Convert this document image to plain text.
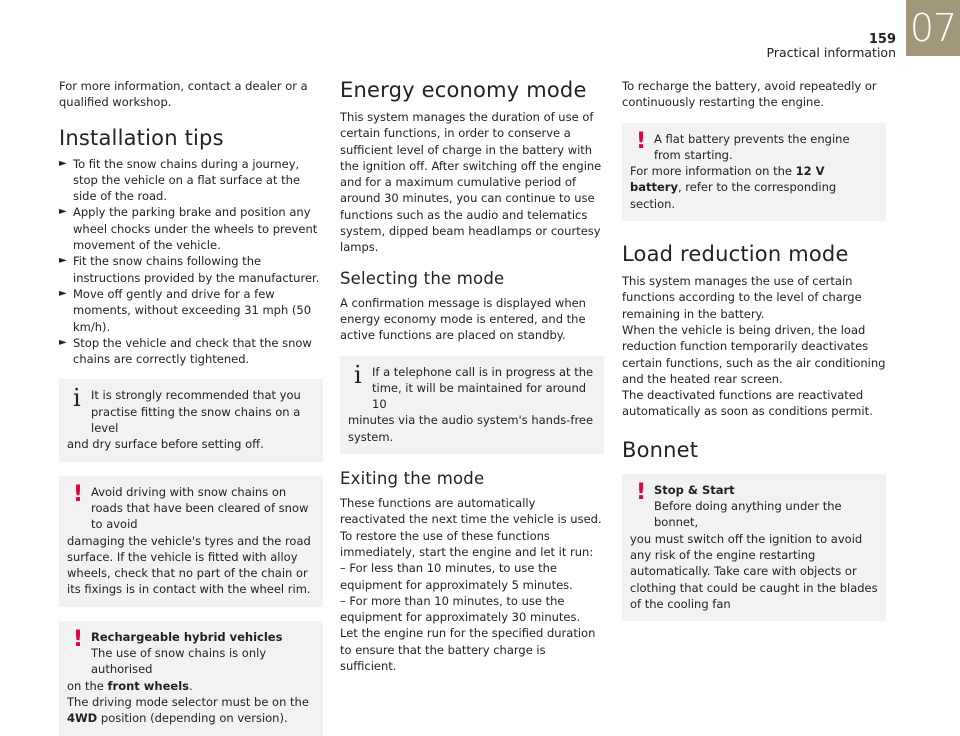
159
Practical information
07

For more information, contact a dealer or a qualified workshop.

Installation tips
► To fit the snow chains during a journey, stop the vehicle on a flat surface at the side of the road.

► Apply the parking brake and position any wheel chocks under the wheels to prevent movement of the vehicle.

► Fit the snow chains following the instructions provided by the manufacturer.

► Move off gently and drive for a few moments, without exceeding 31 mph (50 km/h).

► Stop the vehicle and check that the snow chains are correctly tightened.

i It is strongly recommended that you practise fitting the snow chains on a level

and dry surface before setting off.

! Avoid driving with snow chains on roads that have been cleared of snow to avoid

damaging the vehicle's tyres and the road surface. If the vehicle is fitted with alloy wheels, check that no part of the chain or its fixings is in contact with the wheel rim.

! Rechargeable hybrid vehicles

The use of snow chains is only authorised

on the front wheels.

The driving mode selector must be on the 4WD position (depending on version).

Energy economy mode

This system manages the duration of use of certain functions, in order to conserve a sufficient level of charge in the battery with the ignition off. After switching off the engine and for a maximum cumulative period of around 30 minutes, you can continue to use functions such as the audio and telematics system, dipped beam headlamps or courtesy lamps.

Selecting the mode

A confirmation message is displayed when energy economy mode is entered, and the active functions are placed on standby.

i If a telephone call is in progress at the time, it will be maintained for around 10

minutes via the audio system's hands-free system.

Exiting the mode

These functions are automatically reactivated the next time the vehicle is used.

To restore the use of these functions immediately, start the engine and let it run:

– For less than 10 minutes, to use the equipment for approximately 5 minutes.

– For more than 10 minutes, to use the equipment for approximately 30 minutes.

Let the engine run for the specified duration to ensure that the battery charge is sufficient.

To recharge the battery, avoid repeatedly or continuously restarting the engine.

! A flat battery prevents the engine from starting.

For more information on the 12 V battery, refer to the corresponding section.

Load reduction mode

This system manages the use of certain functions according to the level of charge remaining in the battery.

When the vehicle is being driven, the load reduction function temporarily deactivates certain functions, such as the air conditioning and the heated rear screen.

The deactivated functions are reactivated automatically as soon as conditions permit.

Bonnet
! Stop & Start

Before doing anything under the bonnet,

you must switch off the ignition to avoid any risk of the engine restarting automatically. Take care with objects or clothing that could be caught in the blades of the cooling fan
